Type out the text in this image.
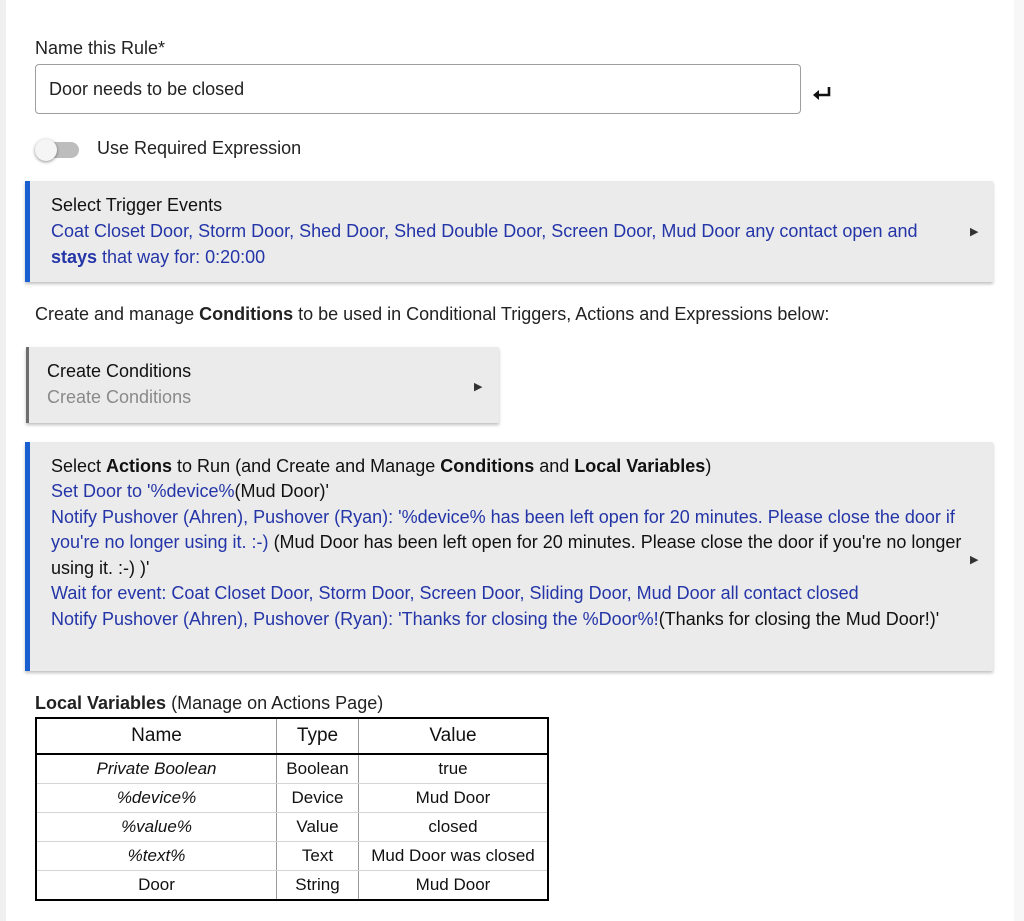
Name this Rule*
Door needs to be closed
Use Required Expression
Select Trigger Events
Coat Closet Door, Storm Door, Shed Door, Shed Double Door, Screen Door, Mud Door any contact open and stays that way for: 0:20:00
▶
Create and manage Conditions to be used in Conditional Triggers, Actions and Expressions below:
Create Conditions
Create Conditions	▶
Select Actions to Run (and Create and Manage Conditions and Local Variables)
Set Door to '%device%(Mud Door)'
Notify Pushover (Ahren), Pushover (Ryan): '%device% has been left open for 20 minutes. Please close the door if you're no longer using it. :-) (Mud Door has been left open for 20 minutes. Please close the door if you're no longer using it. :-) )'
Wait for event: Coat Closet Door, Storm Door, Screen Door, Sliding Door, Mud Door all contact closed
Notify Pushover (Ahren), Pushover (Ryan): 'Thanks for closing the %Door%!(Thanks for closing the Mud Door!)'
▶
Local Variables (Manage on Actions Page)
Name	Type	Value
Private Boolean	Boolean	true
%device%	Device	Mud Door
%value%	Value	closed
%text%	Text	Mud Door was closed
Door	String	Mud Door
